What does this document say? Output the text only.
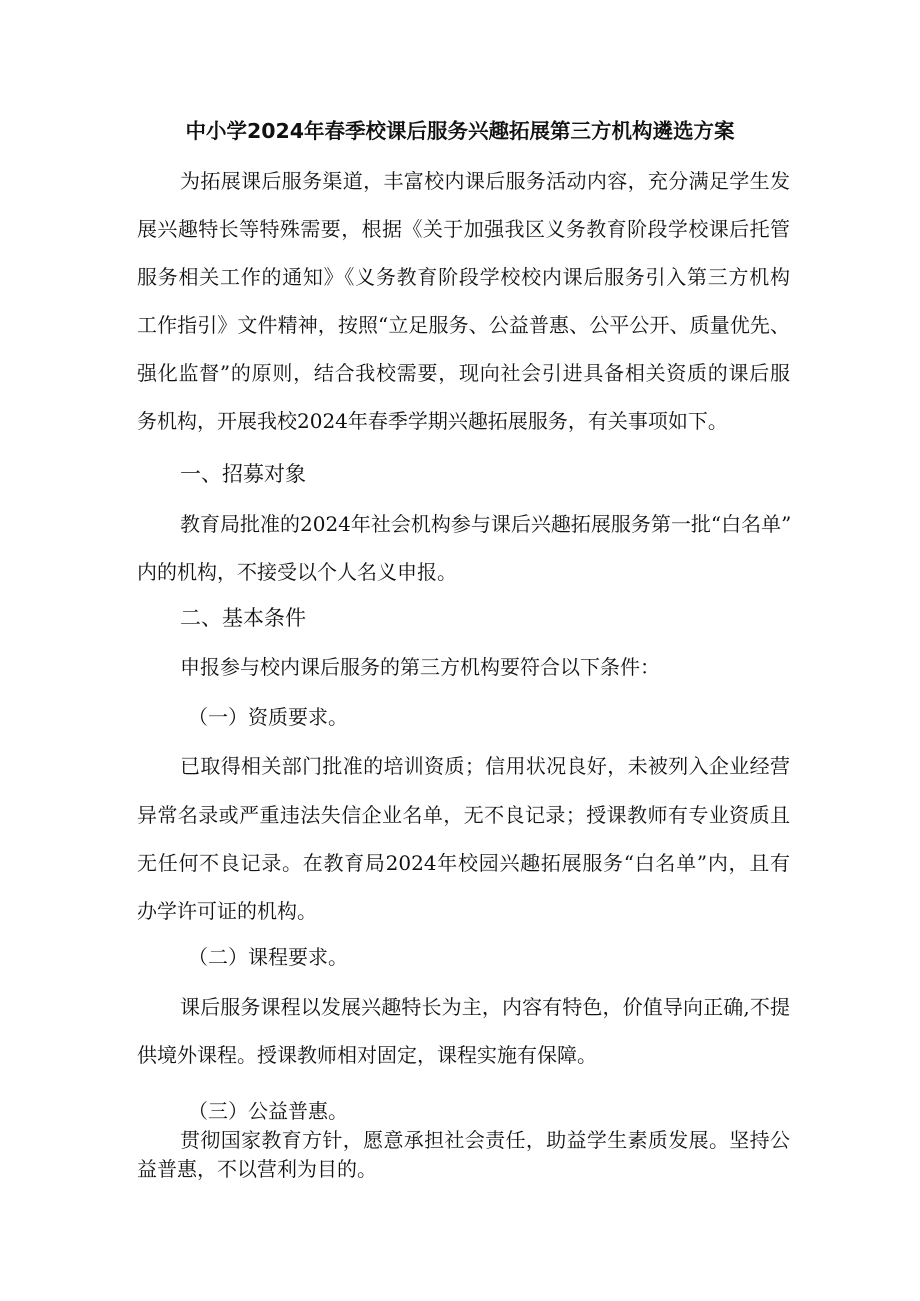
中小学2024年春季校课后服务兴趣拓展第三方机构遴选方案
为拓展课后服务渠道，丰富校内课后服务活动内容，充分满足学生发
展兴趣特长等特殊需要，根据《关于加强我区义务教育阶段学校课后托管
服务相关工作的通知》《义务教育阶段学校校内课后服务引入第三方机构
工作指引》文件精神，按照“立足服务、公益普惠、公平公开、质量优先、
强化监督”的原则，结合我校需要，现向社会引进具备相关资质的课后服
务机构，开展我校2024年春季学期兴趣拓展服务，有关事项如下。
一、招募对象
教育局批准的2024年社会机构参与课后兴趣拓展服务第一批“白名单”
内的机构，不接受以个人名义申报。
二、基本条件
申报参与校内课后服务的第三方机构要符合以下条件：
（一）资质要求。
已取得相关部门批准的培训资质；信用状况良好，未被列入企业经营
异常名录或严重违法失信企业名单，无不良记录；授课教师有专业资质且
无任何不良记录。在教育局2024年校园兴趣拓展服务“白名单”内，且有
办学许可证的机构。
（二）课程要求。
课后服务课程以发展兴趣特长为主，内容有特色，价值导向正确,不提
供境外课程。授课教师相对固定，课程实施有保障。
（三）公益普惠。
贯彻国家教育方针，愿意承担社会责任，助益学生素质发展。坚持公
益普惠，不以营利为目的。
